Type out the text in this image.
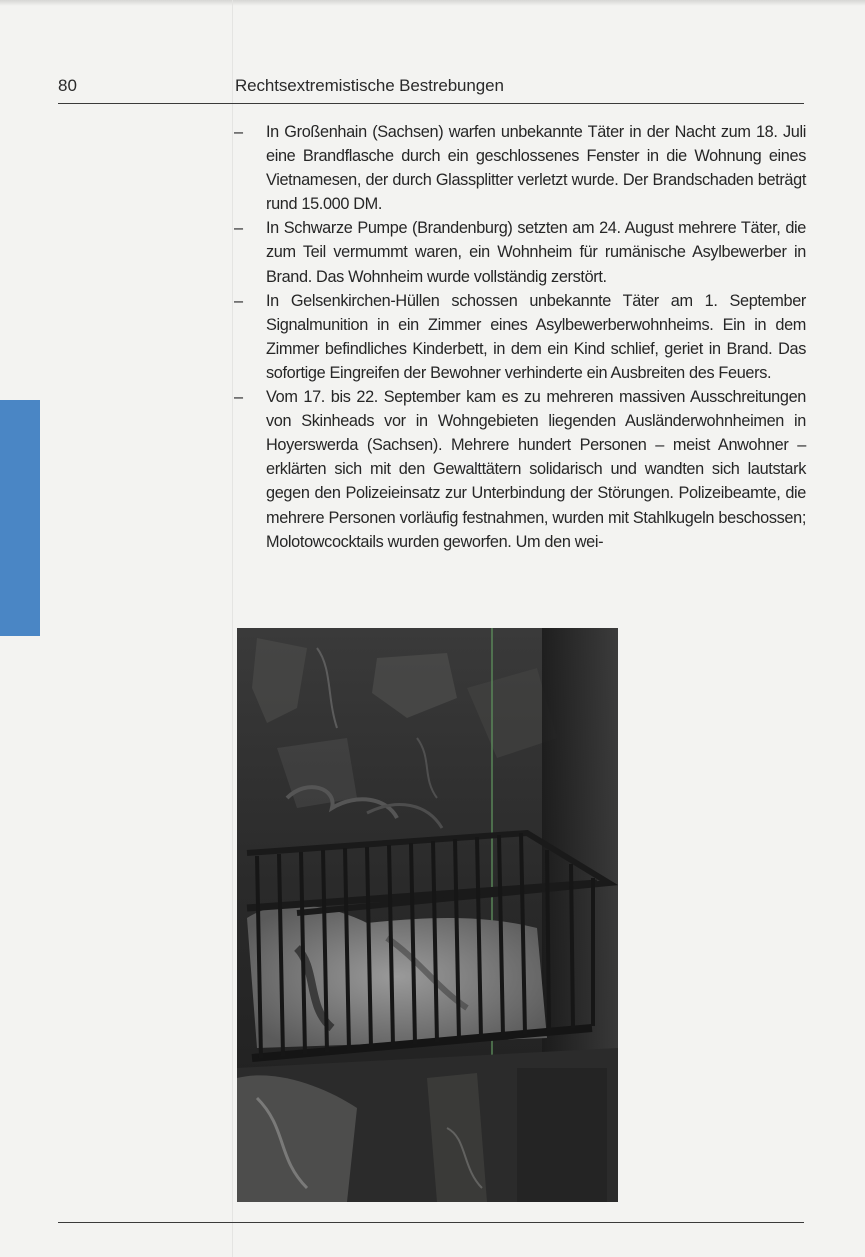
80	Rechtsextremistische Bestrebungen
– In Großenhain (Sachsen) warfen unbekannte Täter in der Nacht zum 18. Juli eine Brandflasche durch ein geschlossenes Fenster in die Wohnung eines Vietnamesen, der durch Glassplitter verletzt wurde. Der Brandschaden beträgt rund 15.000 DM.
– In Schwarze Pumpe (Brandenburg) setzten am 24. August mehrere Täter, die zum Teil vermummt waren, ein Wohnheim für rumänische Asylbewerber in Brand. Das Wohnheim wurde vollständig zerstört.
– In Gelsenkirchen-Hüllen schossen unbekannte Täter am 1. September Signalmunition in ein Zimmer eines Asylbewerberwohnheims. Ein in dem Zimmer befindliches Kinderbett, in dem ein Kind schlief, geriet in Brand. Das sofortige Eingreifen der Bewohner verhinderte ein Ausbreiten des Feuers.
– Vom 17. bis 22. September kam es zu mehreren massiven Ausschreitungen von Skinheads vor in Wohngebieten liegenden Ausländerwohnheimen in Hoyerswerda (Sachsen). Mehrere hundert Personen – meist Anwohner – erklärten sich mit den Gewalttätern solidarisch und wandten sich lautstark gegen den Polizeieinsatz zur Unterbindung der Störungen. Polizeibeamte, die mehrere Personen vorläufig festnahmen, wurden mit Stahlkugeln beschossen; Molotowcocktails wurden geworfen. Um den wei-
